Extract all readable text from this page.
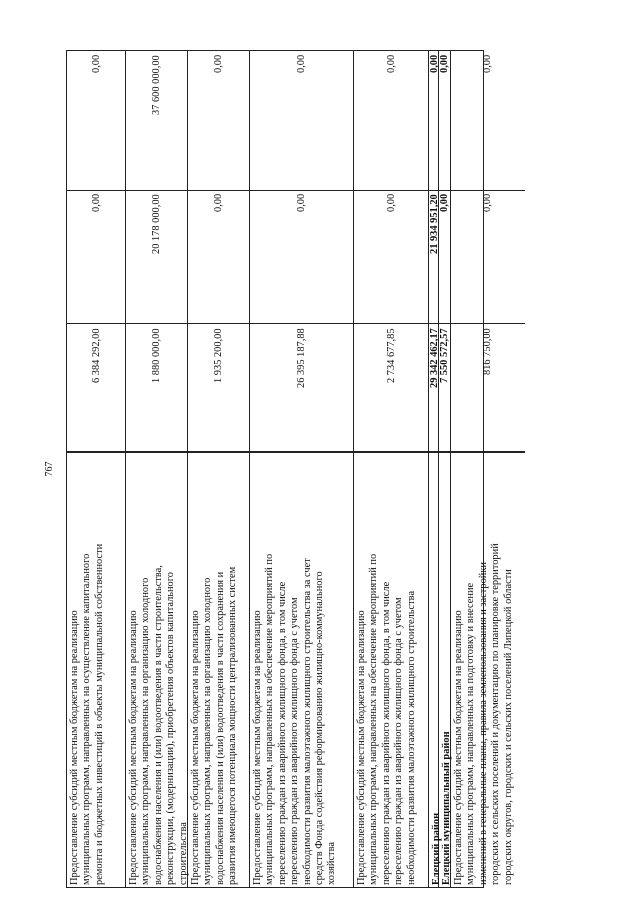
767
Предоставление субсидий местным бюджетам на реализацию муниципальных программ, направленных на осуществление капитального ремонта и бюджетных инвестиций в объекты муниципальной собственности
6 384 292,00
0,00
0,00
Предоставление субсидий местным бюджетам на реализацию муниципальных программ, направленных на организацию холодного водоснабжения населения и (или) водоотведения в части строительства, реконструкции, (модернизации), приобретения объектов капитального строительства
1 880 000,00
20 178 000,00
37 600 000,00
Предоставление субсидий местным бюджетам на реализацию муниципальных программ, направленных на организацию холодного водоснабжения населения и (или) водоотведения в части сохранения и развития имеющегося потенциала мощности централизованных систем
1 935 200,00
0,00
0,00
Предоставление субсидий местным бюджетам на реализацию муниципальных программ, направленных на обеспечение мероприятий по переселению граждан из аварийного жилищного фонда, в том числе переселению граждан из аварийного жилищного фонда с учетом необходимости развития малоэтажного жилищного строительства за счет средств Фонда содействия реформированию жилищно-коммунального хозяйства
26 395 187,88
0,00
0,00
Предоставление субсидий местным бюджетам на реализацию муниципальных программ, направленных на обеспечение мероприятий по переселению граждан из аварийного жилищного фонда, в том числе переселению граждан из аварийного жилищного фонда с учетом необходимости развития малоэтажного жилищного строительства
2 734 677,85
0,00
0,00
Елецкий район
29 342 462,17
21 934 951,20
0,00
Елецкий муниципальный район
7 550 572,57
0,00
0,00
Предоставление субсидий местным бюджетам на реализацию муниципальных программ, направленных на подготовку и внесение изменений в генеральные планы, правила землепользования и застройки городских и сельских поселений и документацию по планировке территорий городских округов, городских и сельских поселений Липецкой области
816 750,00
0,00
0,00
